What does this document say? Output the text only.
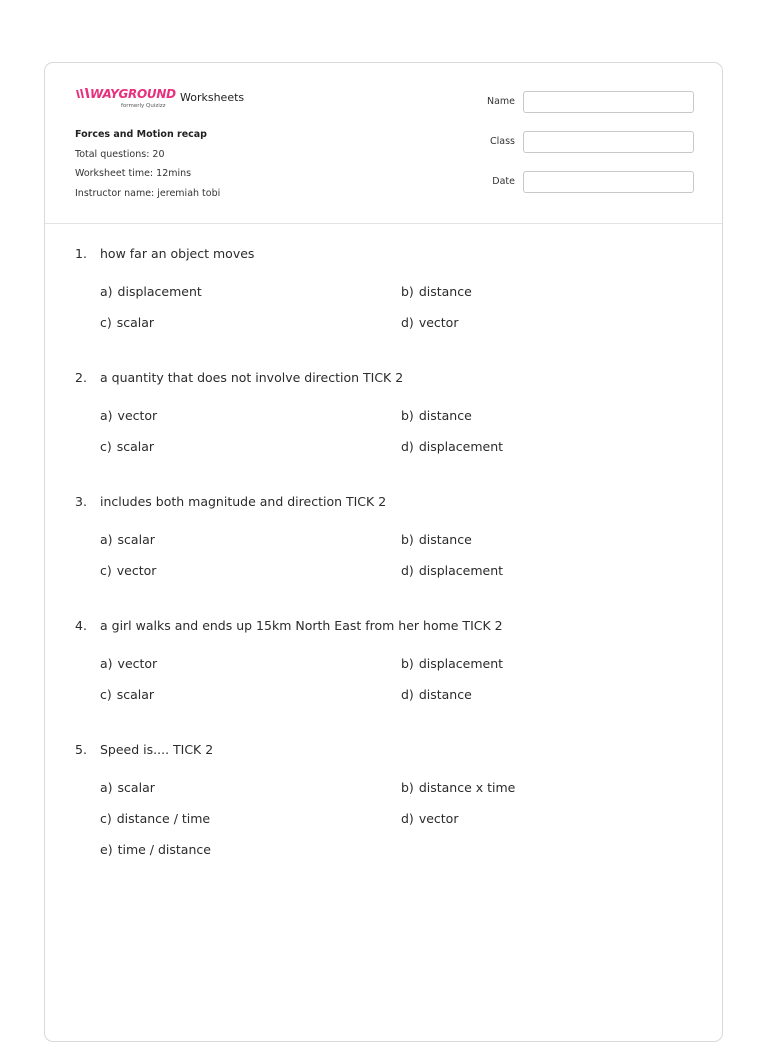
WAYGROUND
formerly Quizizz
Worksheets
Forces and Motion recap
Total questions: 20
Worksheet time: 12mins
Instructor name: jeremiah tobi
Name
Class
Date
1. how far an object moves
a) displacement	b) distance
c) scalar	d) vector
2. a quantity that does not involve direction TICK 2
a) vector	b) distance
c) scalar	d) displacement
3. includes both magnitude and direction TICK 2
a) scalar	b) distance
c) vector	d) displacement
4. a girl walks and ends up 15km North East from her home TICK 2
a) vector	b) displacement
c) scalar	d) distance
5. Speed is.... TICK 2
a) scalar	b) distance x time
c) distance / time	d) vector
e) time / distance
